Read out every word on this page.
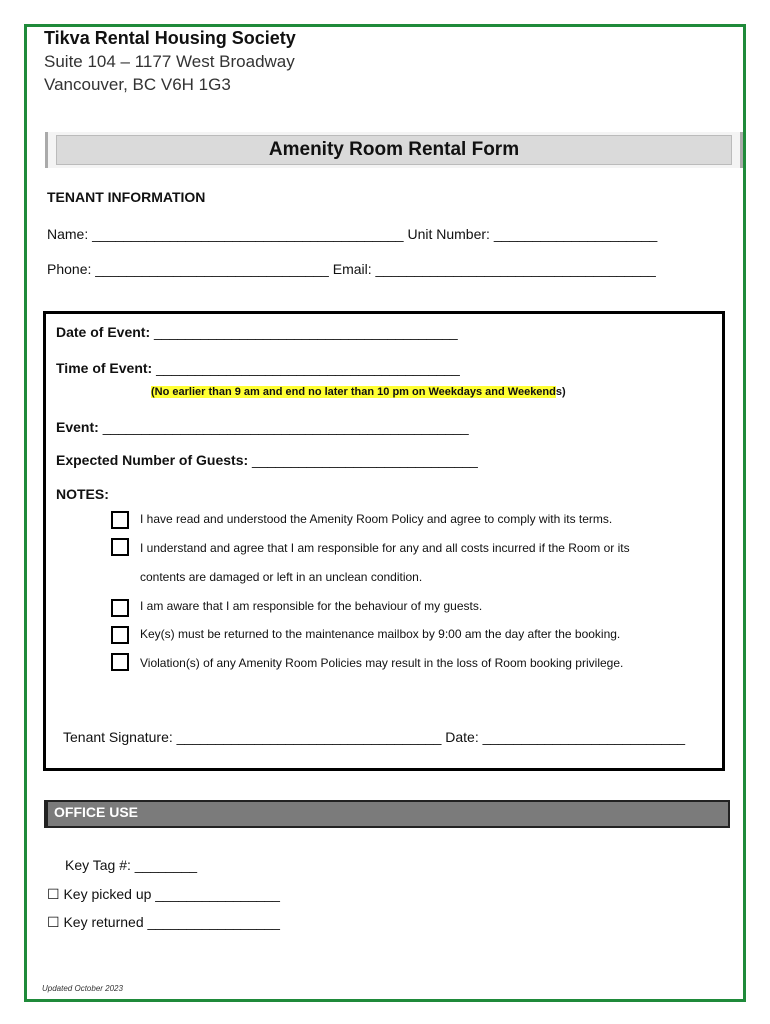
Tikva Rental Housing Society
Suite 104 – 1177 West Broadway
Vancouver, BC V6H 1G3
Amenity Room Rental Form
TENANT INFORMATION
Name: ________________________________________ Unit Number: _____________________
Phone: ______________________________ Email: ____________________________________
Date of Event: _______________________________________
Time of Event: _______________________________________
(No earlier than 9 am and end no later than 10 pm on Weekdays and Weekends)
Event: _______________________________________________
Expected Number of Guests: _____________________________
NOTES:
I have read and understood the Amenity Room Policy and agree to comply with its terms.
I understand and agree that I am responsible for any and all costs incurred if the Room or its
contents are damaged or left in an unclean condition.
I am aware that I am responsible for the behaviour of my guests.
Key(s) must be returned to the maintenance mailbox by 9:00 am the day after the booking.
Violation(s) of any Amenity Room Policies may result in the loss of Room booking privilege.
Tenant Signature: __________________________________ Date: __________________________
OFFICE USE
Key Tag #: ________
☐ Key picked up ________________
☐ Key returned _________________
Updated October 2023
